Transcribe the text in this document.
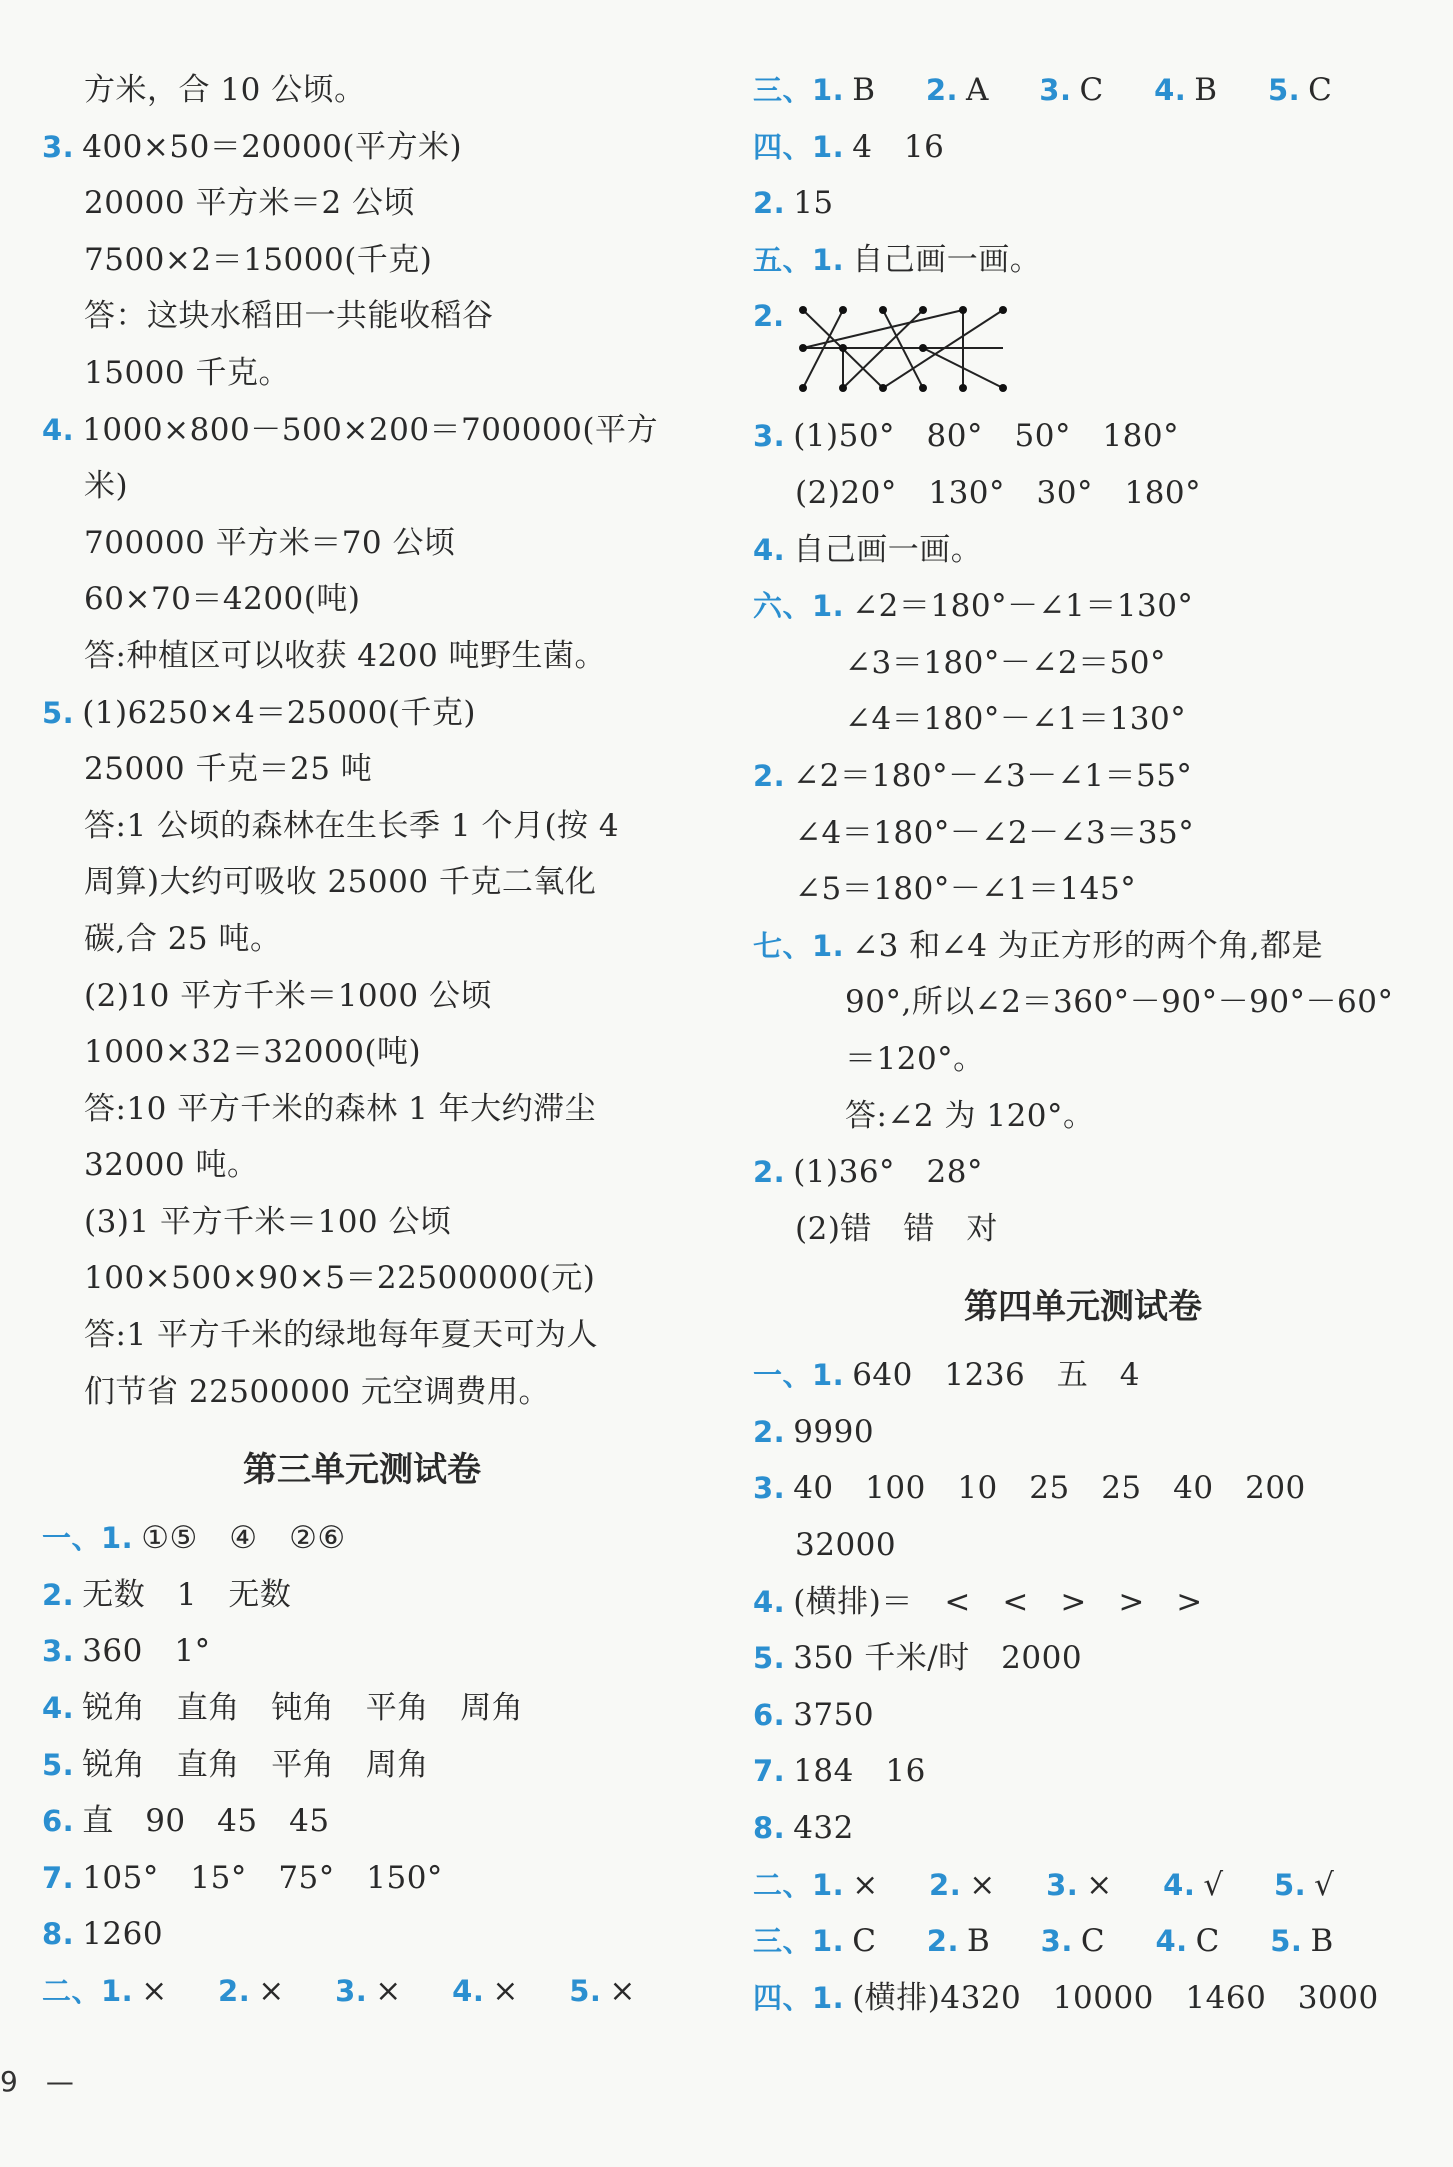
方米，合 10 公顷。
3. 400×50＝20000(平方米)
20000 平方米＝2 公顷
7500×2＝15000(千克)
答：这块水稻田一共能收稻谷
15000 千克。
4. 1000×800－500×200＝700000(平方
米)
700000 平方米＝70 公顷
60×70＝4200(吨)
答:种植区可以收获 4200 吨野生菌。
5. (1)6250×4＝25000(千克)
25000 千克＝25 吨
答:1 公顷的森林在生长季 1 个月(按 4
周算)大约可吸收 25000 千克二氧化
碳,合 25 吨。
(2)10 平方千米＝1000 公顷
1000×32＝32000(吨)
答:10 平方千米的森林 1 年大约滞尘
32000 吨。
(3)1 平方千米＝100 公顷
100×500×90×5＝22500000(元)
答:1 平方千米的绿地每年夏天可为人
们节省 22500000 元空调费用。
第三单元测试卷
一、1. ①⑤　④　②⑥
2. 无数　1　无数
3. 360　1°
4. 锐角　直角　钝角　平角　周角
5. 锐角　直角　平角　周角
6. 直　90　45　45
7. 105°　15°　75°　150°
8. 1260
二、1. × 2. × 3. × 4. × 5. ×
三、1. B 2. A 3. C 4. B 5. C
四、1. 4　16
2. 15
五、1. 自己画一画。
2.
3. (1)50°　80°　50°　180°
(2)20°　130°　30°　180°
4. 自己画一画。
六、1. ∠2＝180°－∠1＝130°
∠3＝180°－∠2＝50°
∠4＝180°－∠1＝130°
2. ∠2＝180°－∠3－∠1＝55°
∠4＝180°－∠2－∠3＝35°
∠5＝180°－∠1＝145°
七、1. ∠3 和∠4 为正方形的两个角,都是
90°,所以∠2＝360°－90°－90°－60°
＝120°。
答:∠2 为 120°。
2. (1)36°　28°
(2)错　错　对
第四单元测试卷
一、1. 640　1236　五　4
2. 9990
3. 40　100　10　25　25　40　200
32000
4. (横排)＝　<　<　>　>　>
5. 350 千米/时　2000
6. 3750
7. 184　16
8. 432
二、1. × 2. × 3. × 4. √ 5. √
三、1. C 2. B 3. C 4. C 5. B
四、1. (横排)4320　10000　1460　3000
9　—
